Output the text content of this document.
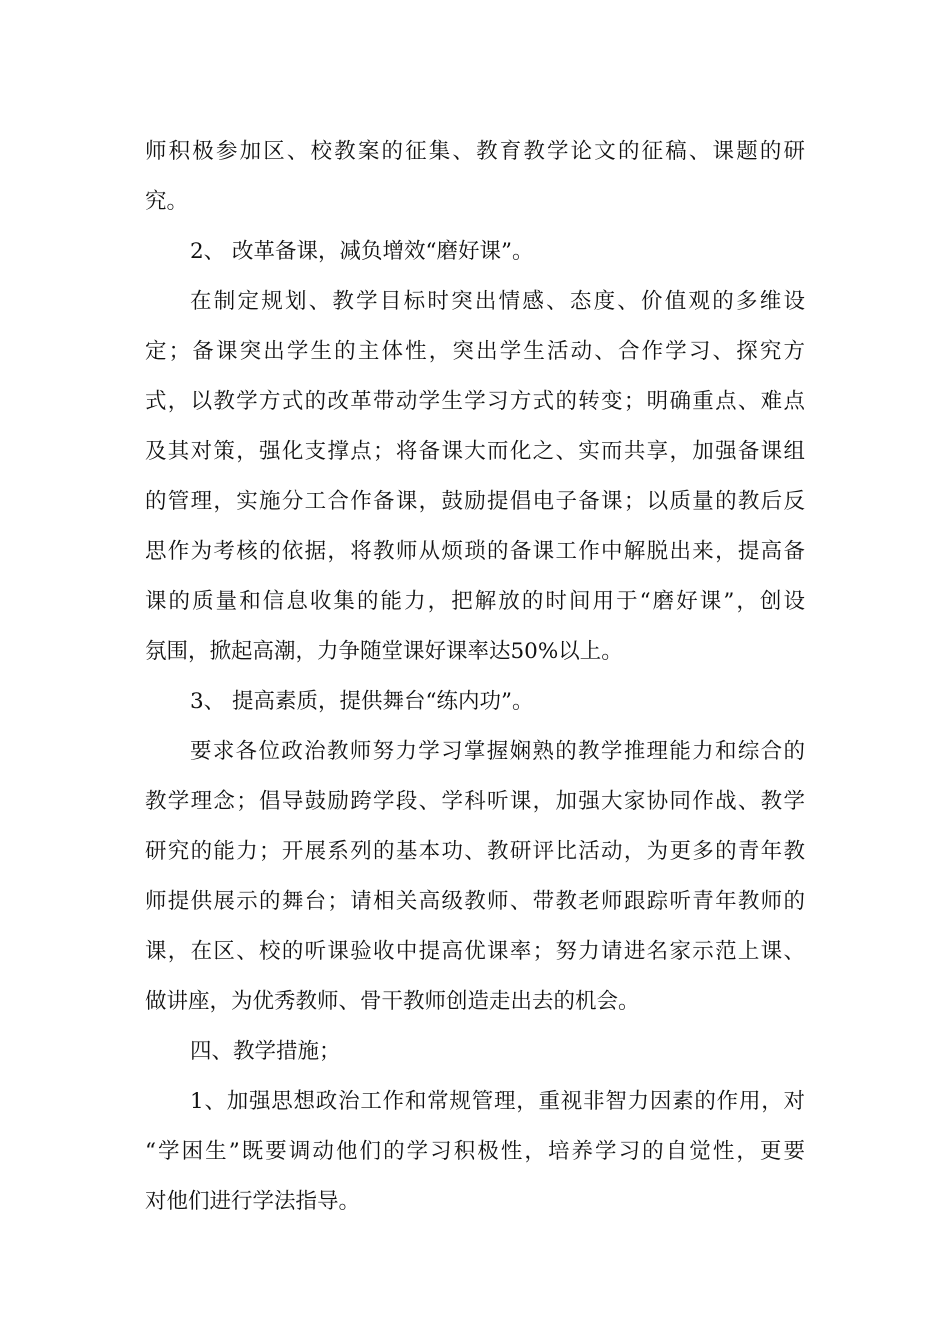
师积极参加区、校教案的征集、教育教学论文的征稿、课题的研
究。
2、 改革备课，减负增效“磨好课”。
在制定规划、教学目标时突出情感、态度、价值观的多维设
定；备课突出学生的主体性，突出学生活动、合作学习、探究方
式，以教学方式的改革带动学生学习方式的转变；明确重点、难点
及其对策，强化支撑点；将备课大而化之、实而共享，加强备课组
的管理，实施分工合作备课，鼓励提倡电子备课；以质量的教后反
思作为考核的依据，将教师从烦琐的备课工作中解脱出来，提高备
课的质量和信息收集的能力，把解放的时间用于“磨好课”，创设
氛围，掀起高潮，力争随堂课好课率达50%以上。
3、 提高素质，提供舞台“练内功”。
要求各位政治教师努力学习掌握娴熟的教学推理能力和综合的
教学理念；倡导鼓励跨学段、学科听课，加强大家协同作战、教学
研究的能力；开展系列的基本功、教研评比活动，为更多的青年教
师提供展示的舞台；请相关高级教师、带教老师跟踪听青年教师的
课，在区、校的听课验收中提高优课率；努力请进名家示范上课、
做讲座，为优秀教师、骨干教师创造走出去的机会。
四、教学措施；
1、加强思想政治工作和常规管理，重视非智力因素的作用，对
“学困生”既要调动他们的学习积极性，培养学习的自觉性，更要
对他们进行学法指导。
